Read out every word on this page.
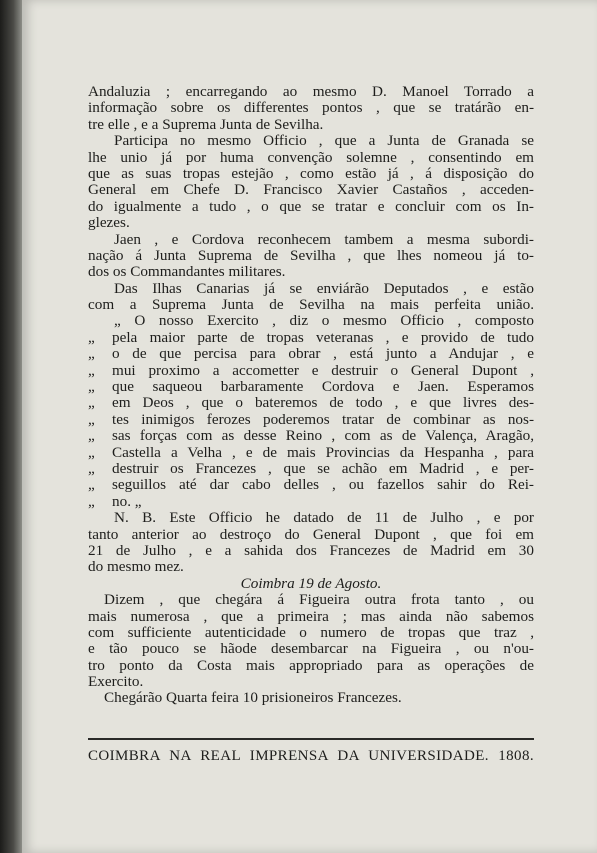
Andaluzia ; encarregando ao mesmo D. Manoel Torrado a
informação sobre os differentes pontos , que se tratárão en-
tre elle , e a Suprema Junta de Sevilha.
Participa no mesmo Officio , que a Junta de Granada se
lhe unio já por huma convenção solemne , consentindo em
que as suas tropas estejão , como estão já , á disposição do
General em Chefe D. Francisco Xavier Castaños , acceden-
do igualmente a tudo , o que se tratar e concluir com os In-
glezes.
Jaen , e Cordova reconhecem tambem a mesma subordi-
nação á Junta Suprema de Sevilha , que lhes nomeou já to-
dos os Commandantes militares.
Das Ilhas Canarias já se enviárão Deputados , e estão
com a Suprema Junta de Sevilha na mais perfeita união.
„ O nosso Exercito , diz o mesmo Officio , composto
„ pela maior parte de tropas veteranas , e provido de tudo
„ o de que percisa para obrar , está junto a Andujar , e
„ mui proximo a accometter e destruir o General Dupont ,
„ que saqueou barbaramente Cordova e Jaen. Esperamos
„ em Deos , que o bateremos de todo , e que livres des-
„ tes inimigos ferozes poderemos tratar de combinar as nos-
„ sas forças com as desse Reino , com as de Valença, Aragão,
„ Castella a Velha , e de mais Provincias da Hespanha , para
„ destruir os Francezes , que se achão em Madrid , e per-
„ seguillos até dar cabo delles , ou fazellos sahir do Rei-
„ no. „
N. B. Este Officio he datado de 11 de Julho , e por
tanto anterior ao destroço do General Dupont , que foi em
21 de Julho , e a sahida dos Francezes de Madrid em 30
do mesmo mez.
Coimbra 19 de Agosto.
Dizem , que chegára á Figueira outra frota tanto , ou
mais numerosa , que a primeira ; mas ainda não sabemos
com sufficiente autenticidade o numero de tropas que traz ,
e tão pouco se hãode desembarcar na Figueira , ou n'ou-
tro ponto da Costa mais appropriado para as operações de
Exercito.
Chegárão Quarta feira 10 prisioneiros Francezes.
COIMBRA NA REAL IMPRENSA DA UNIVERSIDADE. 1808.
